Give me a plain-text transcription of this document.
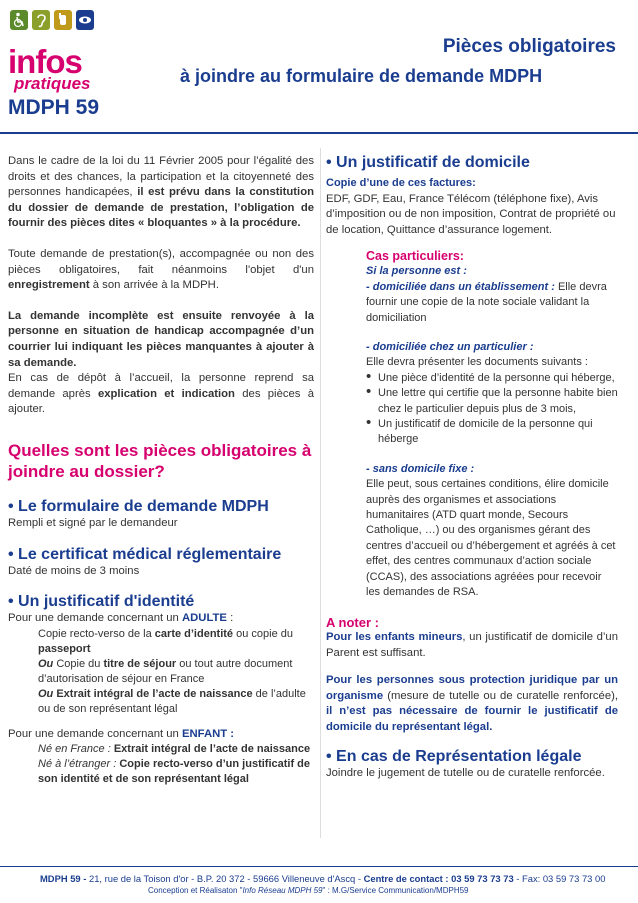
infos
pratiques
MDPH 59
Pièces obligatoires
à joindre au formulaire de demande MDPH

Dans le cadre de la loi du 11 Février 2005 pour l’égalité des droits et des chances, la participation et la citoyenneté des personnes handicapées, il est prévu dans la constitution du dossier de demande de prestation, l’obligation de fournir des pièces dites « bloquantes » à la procédure.

Toute demande de prestation(s), accompagnée ou non des pièces obligatoires, fait néanmoins l'objet d'un enregistrement à son arrivée à la MDPH.

La demande incomplète est ensuite renvoyée à la personne en situation de handicap accompagnée d’un courrier lui indiquant les pièces manquantes à ajouter à sa demande.
En cas de dépôt à l’accueil, la personne reprend sa demande après explication et indication des pièces à ajouter.

Quelles sont les pièces obligatoires à joindre au dossier?

• Le formulaire de demande MDPH

Rempli et signé par le demandeur

• Le certificat médical réglementaire

Daté de moins de 3 moins

• Un justificatif d'identité

Pour une demande concernant un ADULTE :

Copie recto-verso de la carte d’identité ou copie du passeport

Ou Copie du titre de séjour ou tout autre document d’autorisation de séjour en France

Ou Extrait intégral de l’acte de naissance de l’adulte ou de son représentant légal

Pour une demande concernant un ENFANT :

Né en France : Extrait intégral de l’acte de naissance

Né à l’étranger : Copie recto-verso d’un justificatif de son identité et de son représentant légal

• Un justificatif de domicile

Copie d’une de ces factures:

EDF, GDF, Eau, France Télécom (téléphone fixe), Avis d’imposition ou de non imposition, Contrat de propriété ou de location, Quittance d’assurance logement.

Cas particuliers:

Si la personne est :

- domiciliée dans un établissement : Elle devra fournir une copie de la note sociale validant la domiciliation

- domiciliée chez un particulier :

Elle devra présenter les documents suivants :

• Une pièce d’identité de la personne qui héberge,

• Une lettre qui certifie que la personne habite bien chez le particulier depuis plus de 3 mois,

• Un justificatif de domicile de la personne qui héberge

- sans domicile fixe :

Elle peut, sous certaines conditions, élire domicile auprès des organismes et associations humanitaires (ATD quart monde, Secours Catholique, …) ou des organismes gérant des centres d’accueil ou d’hébergement et agréés à cet effet, des centres communaux d’action sociale (CCAS), des associations agréées pour recevoir les demandes de RSA.

A noter :

Pour les enfants mineurs, un justificatif de domicile d’un Parent est suffisant.

Pour les personnes sous protection juridique par un organisme (mesure de tutelle ou de curatelle renforcée), il n’est pas nécessaire de fournir le justificatif de domicile du représentant légal.

• En cas de Représentation légale

Joindre le jugement de tutelle ou de curatelle renforcée.

MDPH 59 - 21, rue de la Toison d'or - B.P. 20 372 - 59666 Villeneuve d'Ascq - Centre de contact : 03 59 73 73 73 - Fax: 03 59 73 73 00
Conception et Réalisaton "Info Réseau MDPH 59" : M.G/Service Communication/MDPH59
